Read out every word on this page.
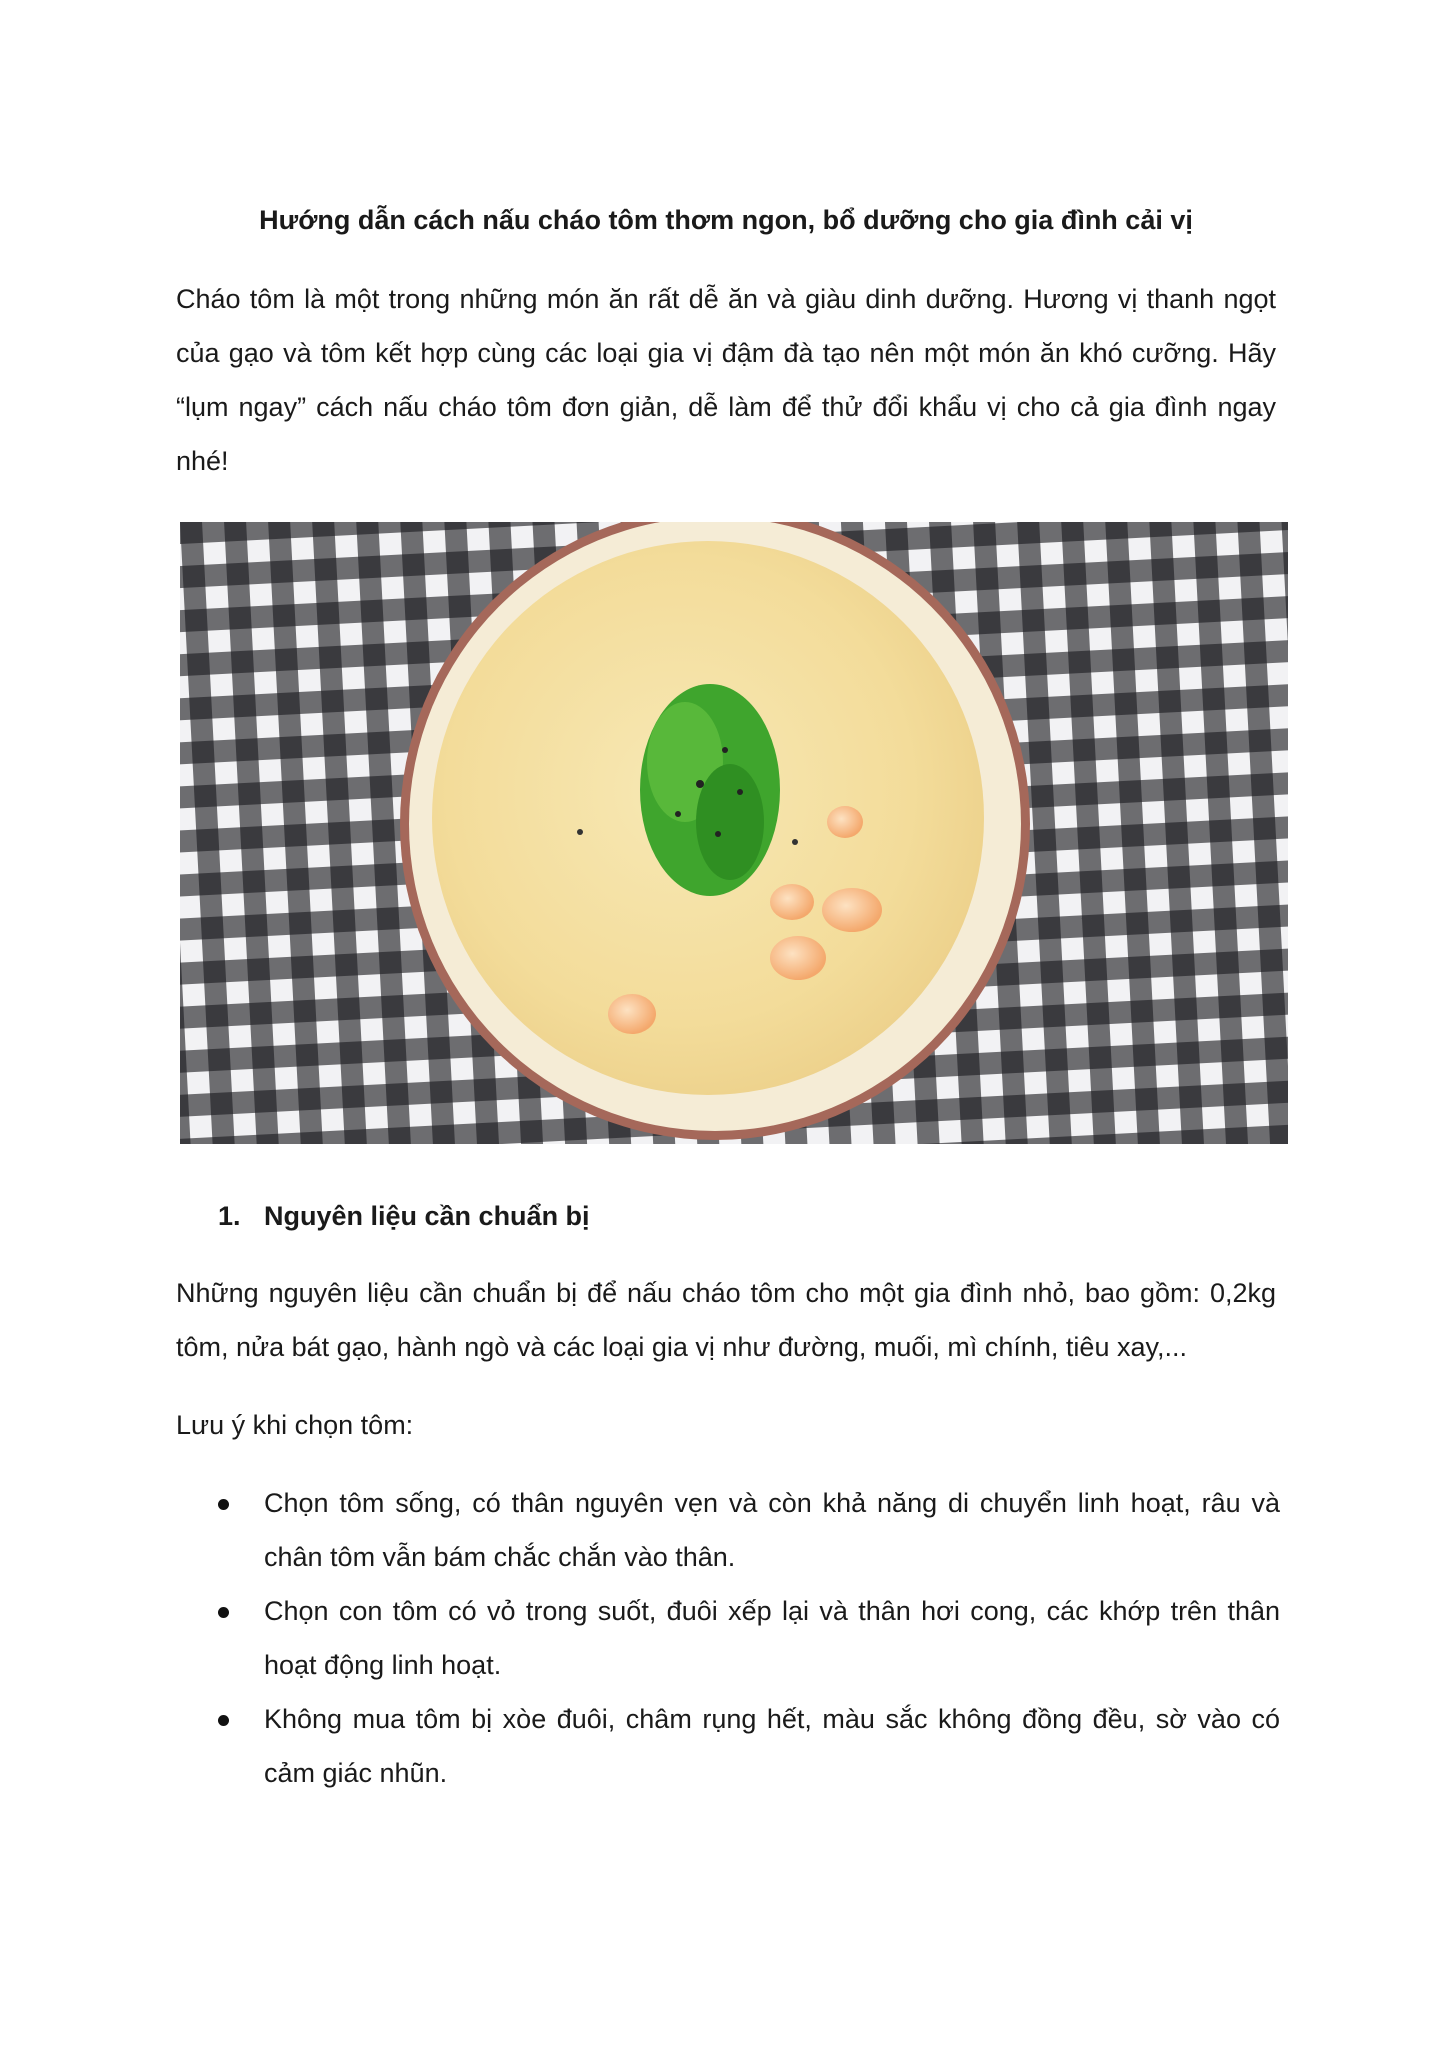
Hướng dẫn cách nấu cháo tôm thơm ngon, bổ dưỡng cho gia đình cải vị

Cháo tôm là một trong những món ăn rất dễ ăn và giàu dinh dưỡng. Hương vị thanh ngọt của gạo và tôm kết hợp cùng các loại gia vị đậm đà tạo nên một món ăn khó cưỡng. Hãy “lụm ngay” cách nấu cháo tôm đơn giản, dễ làm để thử đổi khẩu vị cho cả gia đình ngay nhé!

1. Nguyên liệu cần chuẩn bị

Những nguyên liệu cần chuẩn bị để nấu cháo tôm cho một gia đình nhỏ, bao gồm: 0,2kg tôm, nửa bát gạo, hành ngò và các loại gia vị như đường, muối, mì chính, tiêu xay,...

Lưu ý khi chọn tôm:

Chọn tôm sống, có thân nguyên vẹn và còn khả năng di chuyển linh hoạt, râu và chân tôm vẫn bám chắc chắn vào thân.
Chọn con tôm có vỏ trong suốt, đuôi xếp lại và thân hơi cong, các khớp trên thân hoạt động linh hoạt.
Không mua tôm bị xòe đuôi, châm rụng hết, màu sắc không đồng đều, sờ vào có cảm giác nhũn.
